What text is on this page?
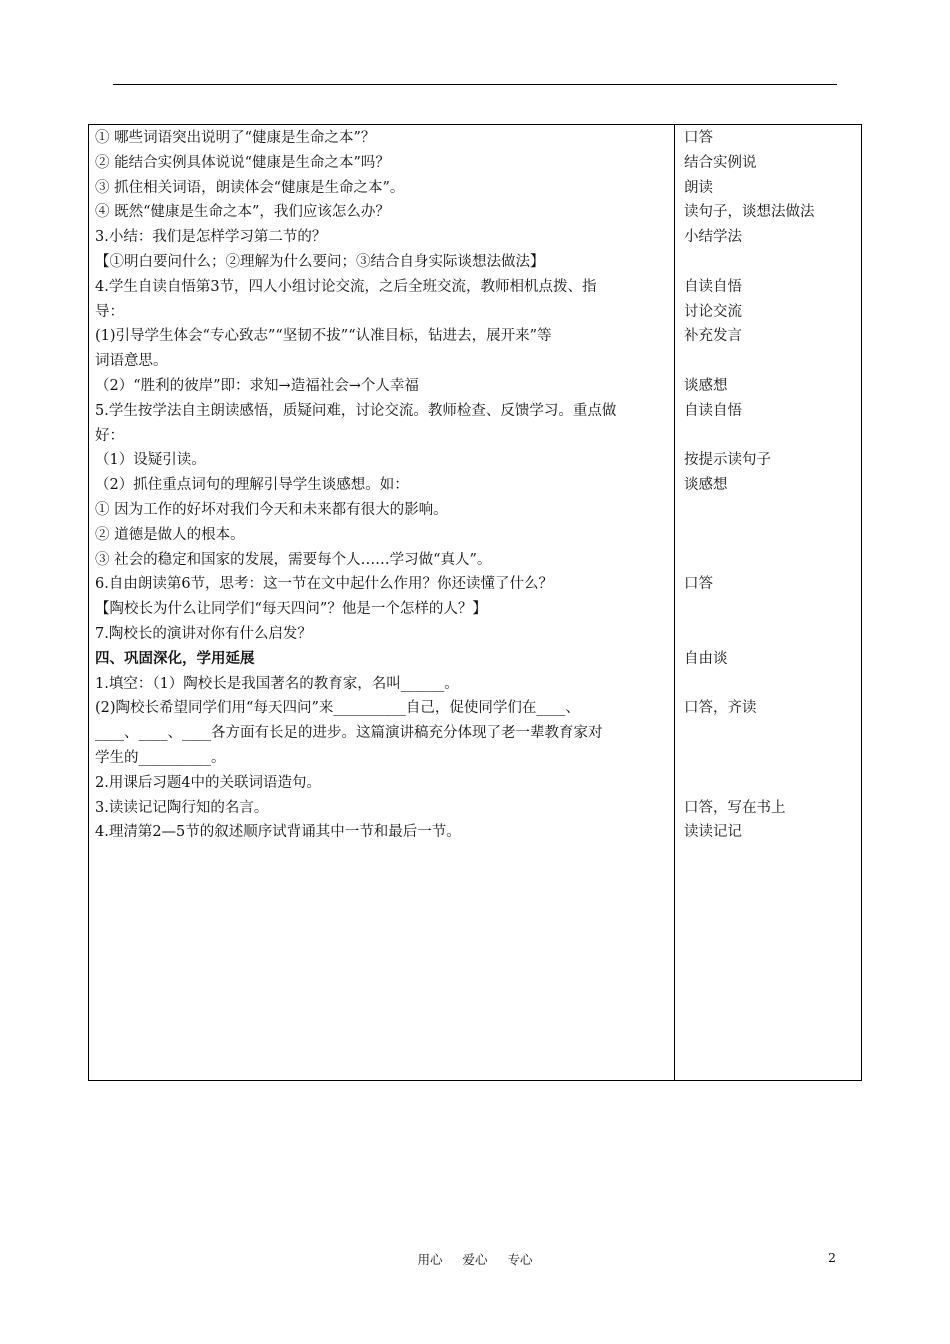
① 哪些词语突出说明了“健康是生命之本”？
② 能结合实例具体说说“健康是生命之本”吗？
③ 抓住相关词语，朗读体会“健康是生命之本”。
④ 既然“健康是生命之本”，我们应该怎么办？
3.小结：我们是怎样学习第二节的？
【①明白要问什么；②理解为什么要问；③结合自身实际谈想法做法】
4.学生自读自悟第3节，四人小组讨论交流，之后全班交流，教师相机点拨、指
导：
(1)引导学生体会“专心致志”“坚韧不拔”“认准目标，钻进去，展开来”等
词语意思。
（2）“胜利的彼岸”即：求知→造福社会→个人幸福
5.学生按学法自主朗读感悟，质疑问难，讨论交流。教师检查、反馈学习。重点做
好：
（1）设疑引读。
（2）抓住重点词句的理解引导学生谈感想。如：
① 因为工作的好坏对我们今天和未来都有很大的影响。
② 道德是做人的根本。
③ 社会的稳定和国家的发展，需要每个人……学习做“真人”。
6.自由朗读第6节，思考：这一节在文中起什么作用？你还读懂了什么？
【陶校长为什么让同学们“每天四问”？他是一个怎样的人？】
7.陶校长的演讲对你有什么启发？
四、巩固深化，学用延展
1.填空：（1）陶校长是我国著名的教育家，名叫______。
(2)陶校长希望同学们用“每天四问”来__________自己，促使同学们在____、
____、____、____各方面有长足的进步。这篇演讲稿充分体现了老一辈教育家对
学生的__________。
2.用课后习题4中的关联词语造句。
3.读读记记陶行知的名言。
4.理清第2—5节的叙述顺序试背诵其中一节和最后一节。
口答
结合实例说
朗读
读句子，谈想法做法
小结学法
自读自悟
讨论交流
补充发言
谈感想
自读自悟
按提示读句子
谈感想
口答
自由谈
口答，齐读
口答，写在书上
读读记记
用心 爱心 专心	2
